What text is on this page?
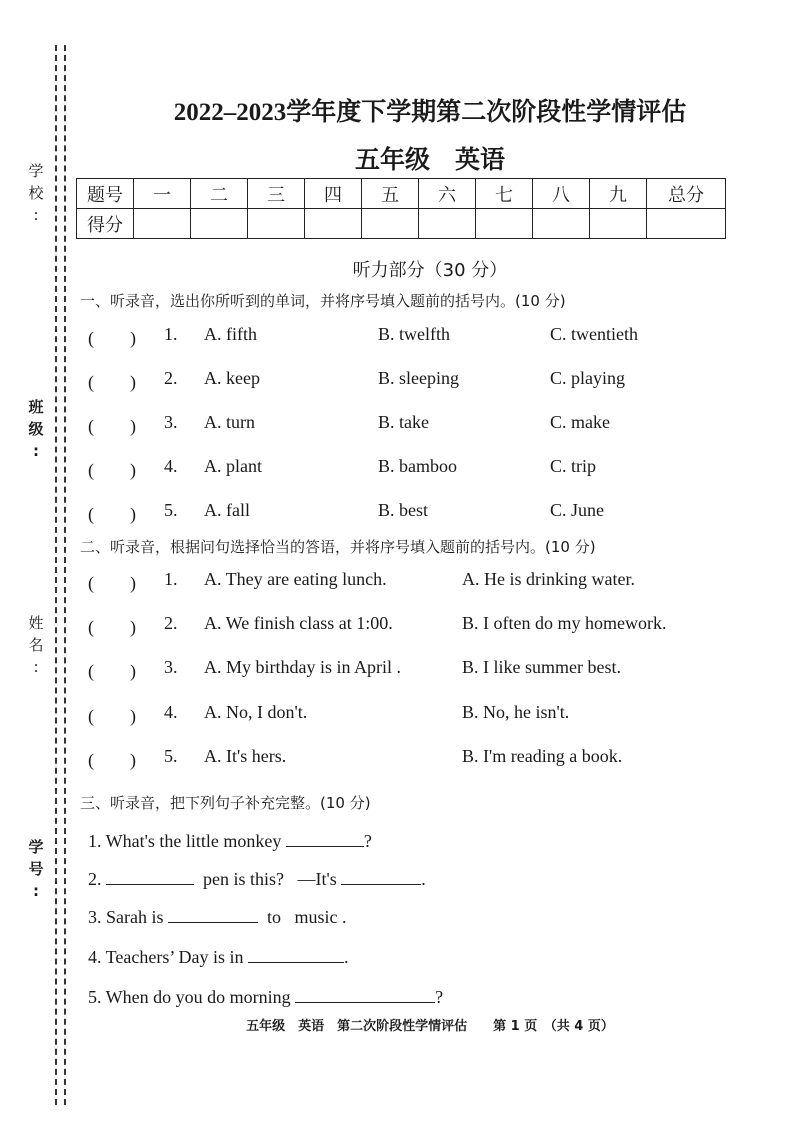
学
校
:
班
级
:
姓
名
:
学
号
:
2022–2023学年度下学期第二次阶段性学情评估
五年级　英语
题号	一	二	三	四	五	六	七	八	九	总分
得分										
听力部分（30 分）
一、听录音，选出你所听到的单词，并将序号填入题前的括号内。(10 分)
(　　) 1. A. fifth	B. twelfth	C. twentieth
(　　) 2. A. keep	B. sleeping	C. playing
(　　) 3. A. turn	B. take	C. make
(　　) 4. A. plant	B. bamboo	C. trip
(　　) 5. A. fall	B. best	C. June
二、听录音，根据问句选择恰当的答语，并将序号填入题前的括号内。(10 分)
(　　) 1. A. They are eating lunch.	A. He is drinking water.
(　　) 2. A. We finish class at 1:00.	B. I often do my homework.
(　　) 3. A. My birthday is in April .	B. I like summer best.
(　　) 4. A. No, I don't.	B. No, he isn't.
(　　) 5. A. It's hers.	B. I'm reading a book.
三、听录音，把下列句子补充完整。(10 分)
1. What's the little monkey	?
2.	pen is this?   —It's	.
3. Sarah is	to   music .
4. Teachers’ Day is in	.
5. When do you do morning	?
五年级　英语　第二次阶段性学情评估　　第 1 页　（共 4 页）
